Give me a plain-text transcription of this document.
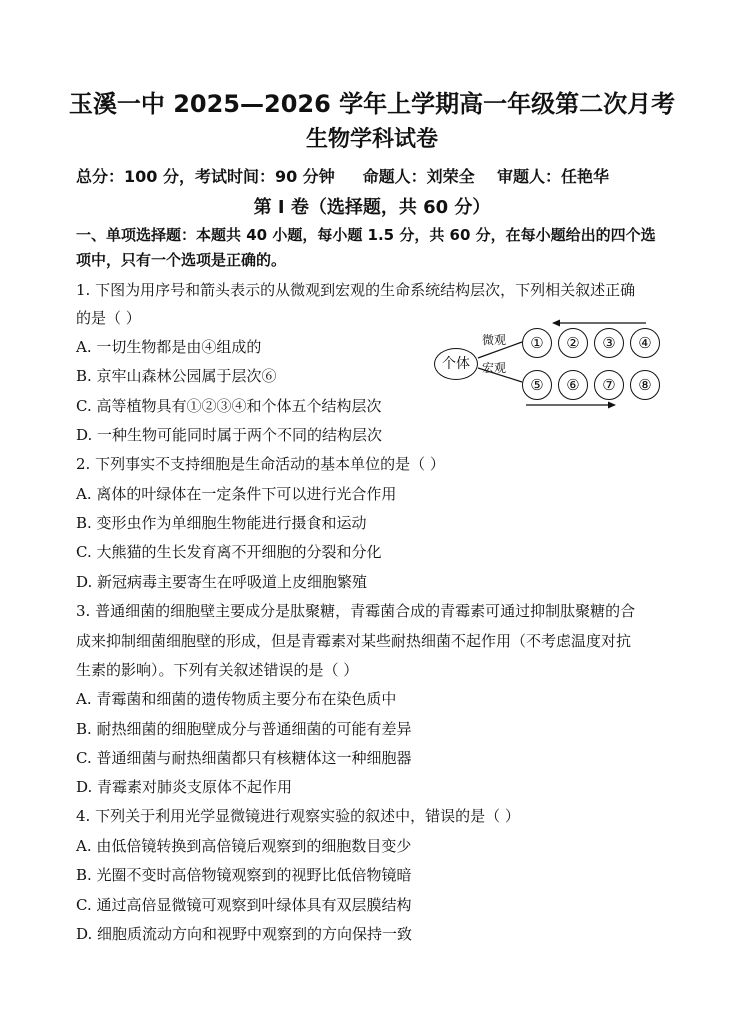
玉溪一中 2025—2026 学年上学期高一年级第二次月考
生物学科试卷
总分：100 分，考试时间：90 分钟     命题人：刘荣全    审题人：任艳华
第 I 卷（选择题，共 60 分）
一、单项选择题：本题共 40 小题，每小题 1.5 分，共 60 分，在每小题给出的四个选
项中，只有一个选项是正确的。
1. 下图为用序号和箭头表示的从微观到宏观的生命系统结构层次，下列相关叙述正确
的是（ ）
A. 一切生物都是由④组成的
B. 京牢山森林公园属于层次⑥
C. 高等植物具有①②③④和个体五个结构层次
D. 一种生物可能同时属于两个不同的结构层次
个体
微观
宏观
①	②	③	④
⑤	⑥	⑦	⑧
2. 下列事实不支持细胞是生命活动的基本单位的是（ ）
A. 离体的叶绿体在一定条件下可以进行光合作用
B. 变形虫作为单细胞生物能进行摄食和运动
C. 大熊猫的生长发育离不开细胞的分裂和分化
D. 新冠病毒主要寄生在呼吸道上皮细胞繁殖
3. 普通细菌的细胞壁主要成分是肽聚糖，青霉菌合成的青霉素可通过抑制肽聚糖的合
成来抑制细菌细胞壁的形成，但是青霉素对某些耐热细菌不起作用（不考虑温度对抗
生素的影响）。下列有关叙述错误的是（ ）
A. 青霉菌和细菌的遗传物质主要分布在染色质中
B. 耐热细菌的细胞壁成分与普通细菌的可能有差异
C. 普通细菌与耐热细菌都只有核糖体这一种细胞器
D. 青霉素对肺炎支原体不起作用
4. 下列关于利用光学显微镜进行观察实验的叙述中，错误的是（ ）
A. 由低倍镜转换到高倍镜后观察到的细胞数目变少
B. 光圈不变时高倍物镜观察到的视野比低倍物镜暗
C. 通过高倍显微镜可观察到叶绿体具有双层膜结构
D. 细胞质流动方向和视野中观察到的方向保持一致
